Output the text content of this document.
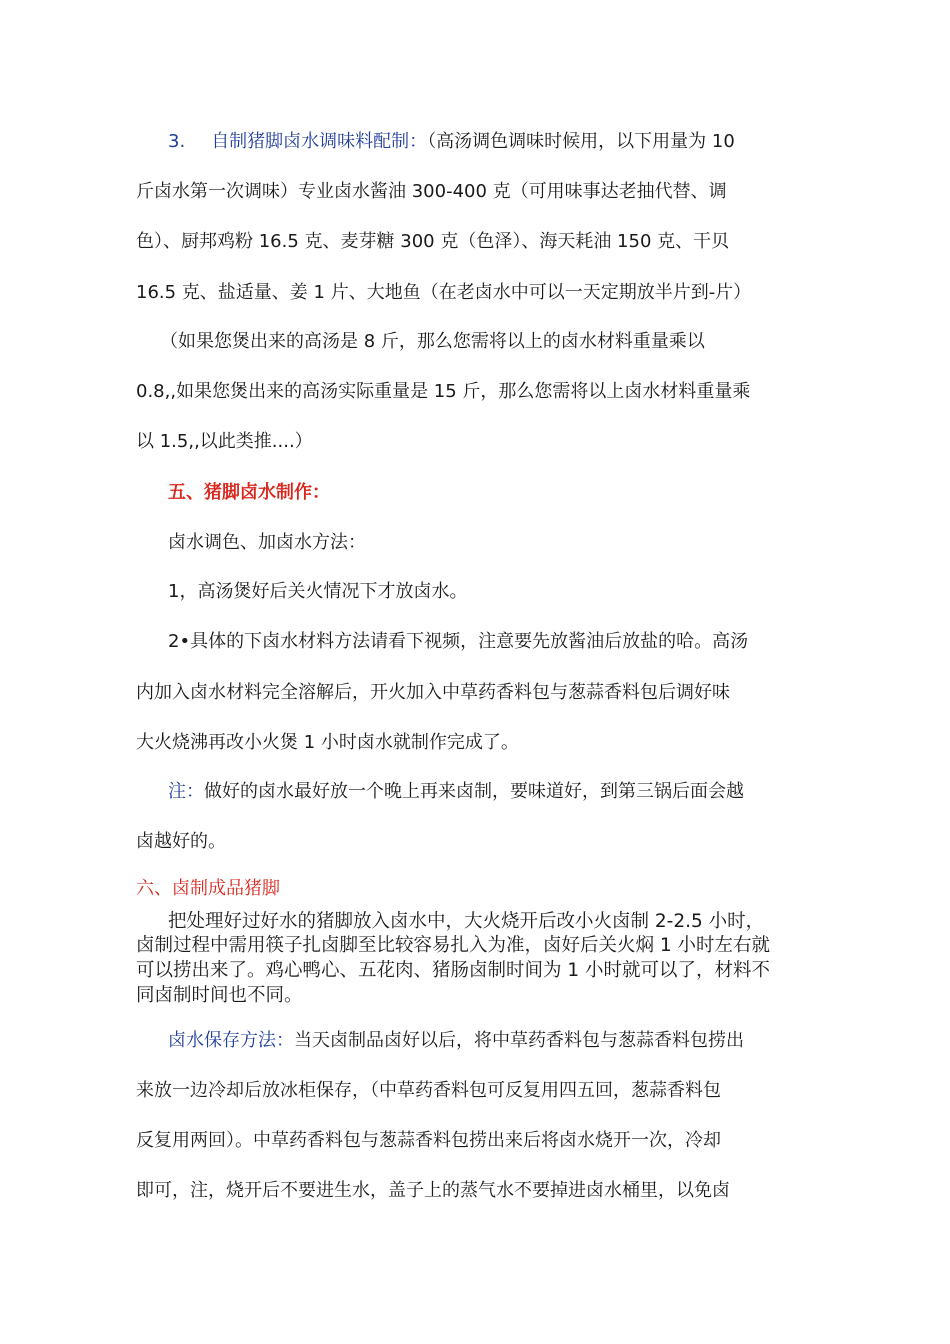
3. 自制猪脚卤水调味料配制：（高汤调色调味时候用，以下用量为 10
斤卤水第一次调味）专业卤水酱油 300-400 克（可用味事达老抽代替、调
色）、厨邦鸡粉 16.5 克、麦芽糖 300 克（色泽）、海天耗油 150 克、干贝
16.5 克、盐适量、姜 1 片、大地鱼（在老卤水中可以一天定期放半片到-片）
（如果您煲出来的高汤是 8 斤，那么您需将以上的卤水材料重量乘以
0.8,,如果您煲出来的高汤实际重量是 15 斤，那么您需将以上卤水材料重量乘
以 1.5,,以此类推....）
五、猪脚卤水制作：
卤水调色、加卤水方法：
1，高汤煲好后关火情况下才放卤水。
2•具体的下卤水材料方法请看下视频，注意要先放酱油后放盐的哈。高汤
内加入卤水材料完全溶解后，开火加入中草药香料包与葱蒜香料包后调好味
大火烧沸再改小火煲 1 小时卤水就制作完成了。
注：做好的卤水最好放一个晚上再来卤制，要味道好，到第三锅后面会越
卤越好的。
六、卤制成品猪脚
把处理好过好水的猪脚放入卤水中，大火烧开后改小火卤制 2-2.5 小时，
卤制过程中需用筷子扎卤脚至比较容易扎入为准，卤好后关火焖 1 小时左右就
可以捞出来了。鸡心鸭心、五花肉、猪肠卤制时间为 1 小时就可以了，材料不
同卤制时间也不同。
卤水保存方法：当天卤制品卤好以后，将中草药香料包与葱蒜香料包捞出
来放一边冷却后放冰柜保存，（中草药香料包可反复用四五回，葱蒜香料包
反复用两回）。中草药香料包与葱蒜香料包捞出来后将卤水烧开一次，冷却
即可，注，烧开后不要进生水，盖子上的蒸气水不要掉进卤水桶里，以免卤
